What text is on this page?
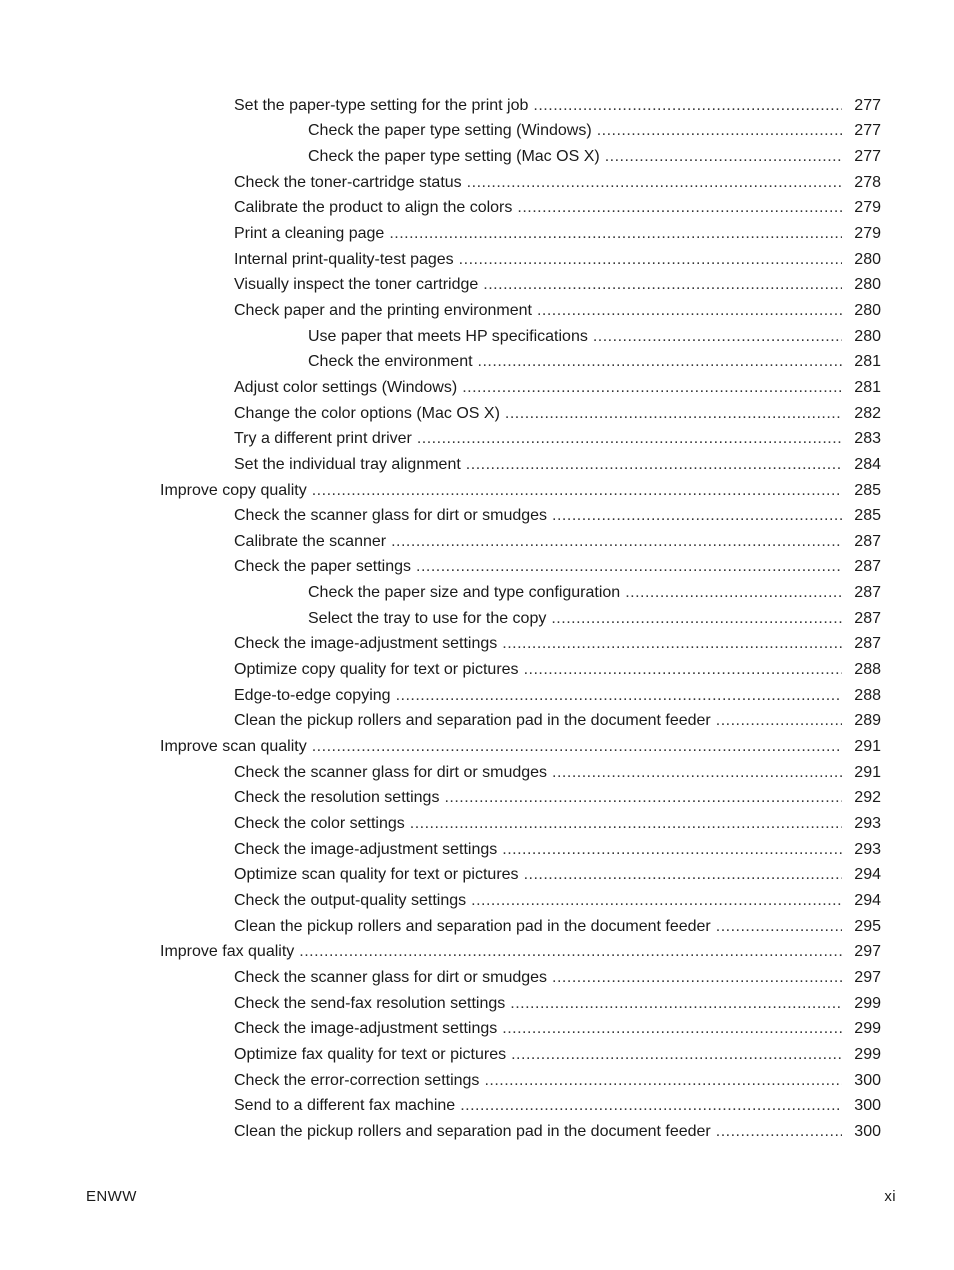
Set the paper-type setting for the print job .....	277
Check the paper type setting (Windows) .....	277
Check the paper type setting (Mac OS X) .....	277
Check the toner-cartridge status .....	278
Calibrate the product to align the colors .....	279
Print a cleaning page .....	279
Internal print-quality-test pages .....	280
Visually inspect the toner cartridge .....	280
Check paper and the printing environment .....	280
Use paper that meets HP specifications .....	280
Check the environment .....	281
Adjust color settings (Windows) .....	281
Change the color options (Mac OS X) .....	282
Try a different print driver .....	283
Set the individual tray alignment .....	284
Improve copy quality .....	285
Check the scanner glass for dirt or smudges .....	285
Calibrate the scanner .....	287
Check the paper settings .....	287
Check the paper size and type configuration .....	287
Select the tray to use for the copy .....	287
Check the image-adjustment settings .....	287
Optimize copy quality for text or pictures .....	288
Edge-to-edge copying .....	288
Clean the pickup rollers and separation pad in the document feeder .....	289
Improve scan quality .....	291
Check the scanner glass for dirt or smudges .....	291
Check the resolution settings .....	292
Check the color settings .....	293
Check the image-adjustment settings .....	293
Optimize scan quality for text or pictures .....	294
Check the output-quality settings .....	294
Clean the pickup rollers and separation pad in the document feeder .....	295
Improve fax quality .....	297
Check the scanner glass for dirt or smudges .....	297
Check the send-fax resolution settings .....	299
Check the image-adjustment settings .....	299
Optimize fax quality for text or pictures .....	299
Check the error-correction settings .....	300
Send to a different fax machine .....	300
Clean the pickup rollers and separation pad in the document feeder .....	300
ENWW	xi
